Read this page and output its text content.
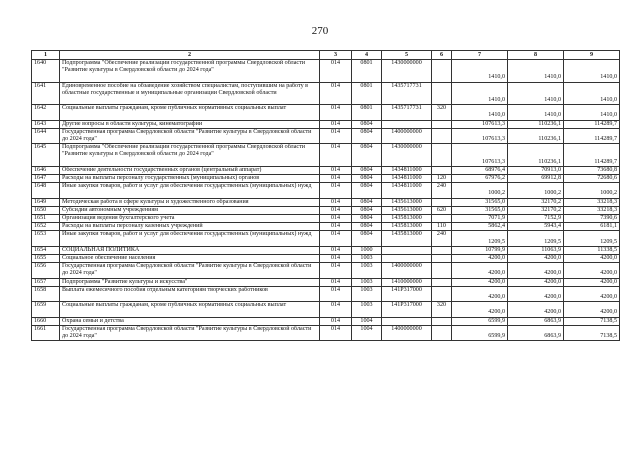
270
1	2	3	4	5	6	7	8	9
1640	Подпрограмма "Обеспечение реализации государственной программы Свердловской области "Развитие культуры в Свердловской области до 2024 года"	014	0801	1430000000		1410,0	1410,0	1410,0
1641	Единовременное пособие на обзаведение хозяйством специалистам, поступившим на работу в областные государственные и муниципальные организации Свердловской области	014	0801	1435717731		1410,0	1410,0	1410,0
1642	Социальные выплаты гражданам, кроме публичных нормативных социальных выплат	014	0801	1435717731	320	1410,0	1410,0	1410,0
1643	Другие вопросы в области культуры, кинематографии	014	0804			107613,3	110236,1	114289,7
1644	Государственная программа Свердловской области "Развитие культуры в Свердловской области до 2024 года"	014	0804	1400000000		107613,3	110236,1	114289,7
1645	Подпрограмма "Обеспечение реализации государственной программы Свердловской области "Развитие культуры в Свердловской области до 2024 года"	014	0804	1430000000		107613,3	110236,1	114289,7
1646	Обеспечение деятельности государственных органов (центральный аппарат)	014	0804	1434811000		68976,4	70913,0	73680,8
1647	Расходы на выплаты персоналу государственных (муниципальных) органов	014	0804	1434811000	120	67976,2	69912,8	72680,6
1648	Иные закупки товаров, работ и услуг для обеспечения государственных (муниципальных) нужд	014	0804	1434811000	240	1000,2	1000,2	1000,2
1649	Методическая работа в сфере культуры и художественного образования	014	0804	1435613000		31565,0	32170,2	33218,3
1650	Субсидии автономным учреждениям	014	0804	1435613000	620	31565,0	32170,2	33218,3
1651	Организация ведения бухгалтерского учета	014	0804	1435813000		7071,9	7152,9	7390,6
1652	Расходы на выплаты персоналу казенных учреждений	014	0804	1435813000	110	5862,4	5943,4	6181,1
1653	Иные закупки товаров, работ и услуг для обеспечения государственных (муниципальных) нужд	014	0804	1435813000	240	1209,5	1209,5	1209,5
1654	СОЦИАЛЬНАЯ ПОЛИТИКА	014	1000			10799,9	11063,9	11338,5
1655	Социальное обеспечение населения	014	1003			4200,0	4200,0	4200,0
1656	Государственная программа Свердловской области "Развитие культуры в Свердловской области до 2024 года"	014	1003	1400000000		4200,0	4200,0	4200,0
1657	Подпрограмма "Развитие культуры и искусства"	014	1003	1410000000		4200,0	4200,0	4200,0
1658	Выплата ежемесячного пособия отдельным категориям творческих работников	014	1003	141Р317000		4200,0	4200,0	4200,0
1659	Социальные выплаты гражданам, кроме публичных нормативных социальных выплат	014	1003	141Р317000	320	4200,0	4200,0	4200,0
1660	Охрана семьи и детства	014	1004			6599,9	6863,9	7138,5
1661	Государственная программа Свердловской области "Развитие культуры в Свердловской области до 2024 года"	014	1004	1400000000		6599,9	6863,9	7138,5
